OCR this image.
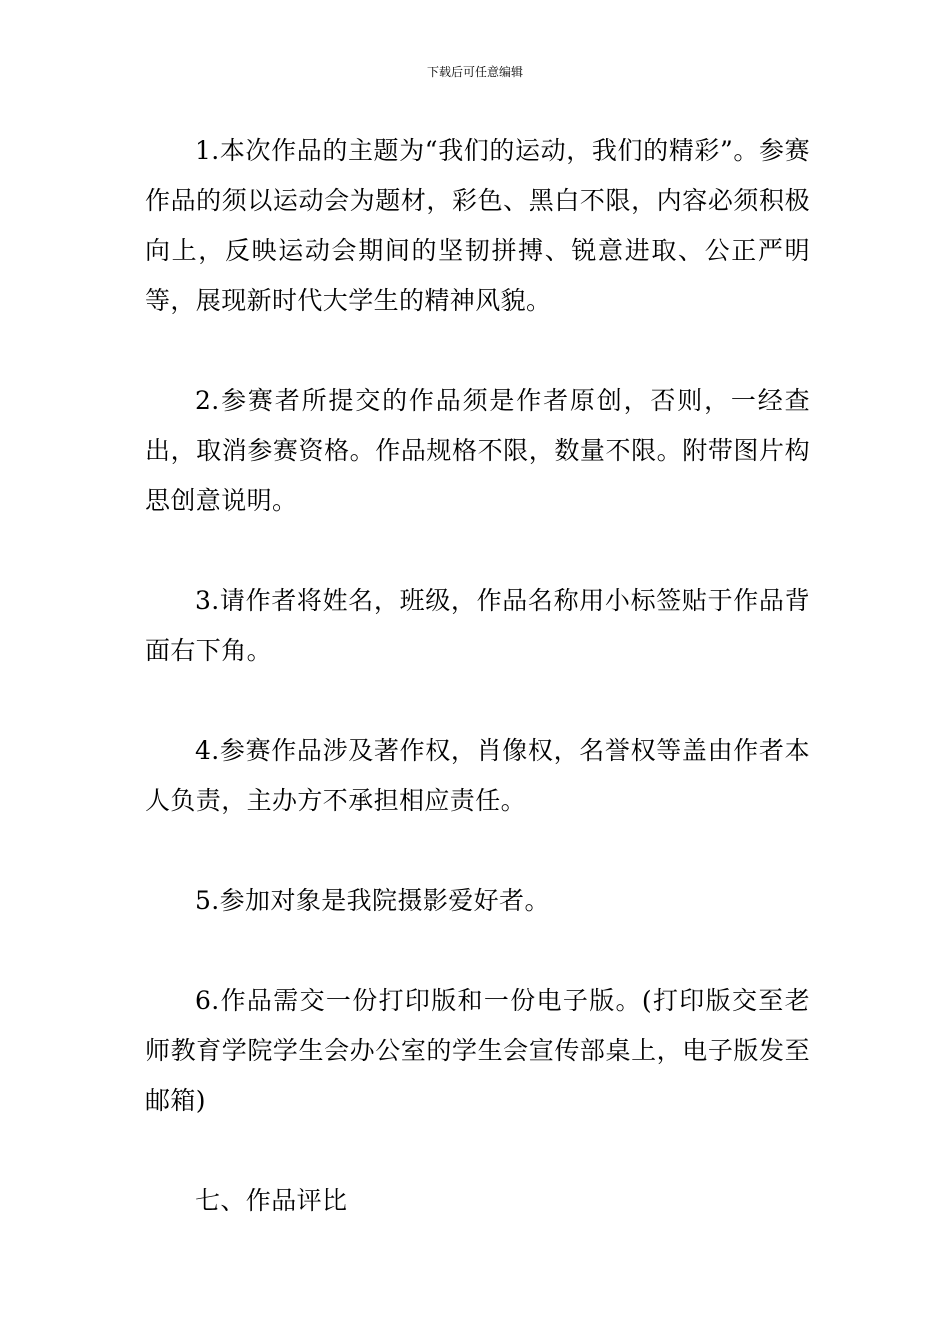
下载后可任意编辑

1.本次作品的主题为“我们的运动，我们的精彩”。参赛作品的须以运动会为题材，彩色、黑白不限，内容必须积极向上，反映运动会期间的坚韧拼搏、锐意进取、公正严明等，展现新时代大学生的精神风貌。

2.参赛者所提交的作品须是作者原创，否则，一经查出，取消参赛资格。作品规格不限，数量不限。附带图片构思创意说明。

3.请作者将姓名，班级，作品名称用小标签贴于作品背面右下角。

4.参赛作品涉及著作权，肖像权，名誉权等盖由作者本人负责，主办方不承担相应责任。

5.参加对象是我院摄影爱好者。

6.作品需交一份打印版和一份电子版。(打印版交至老师教育学院学生会办公室的学生会宣传部桌上，电子版发至邮箱)

七、作品评比
